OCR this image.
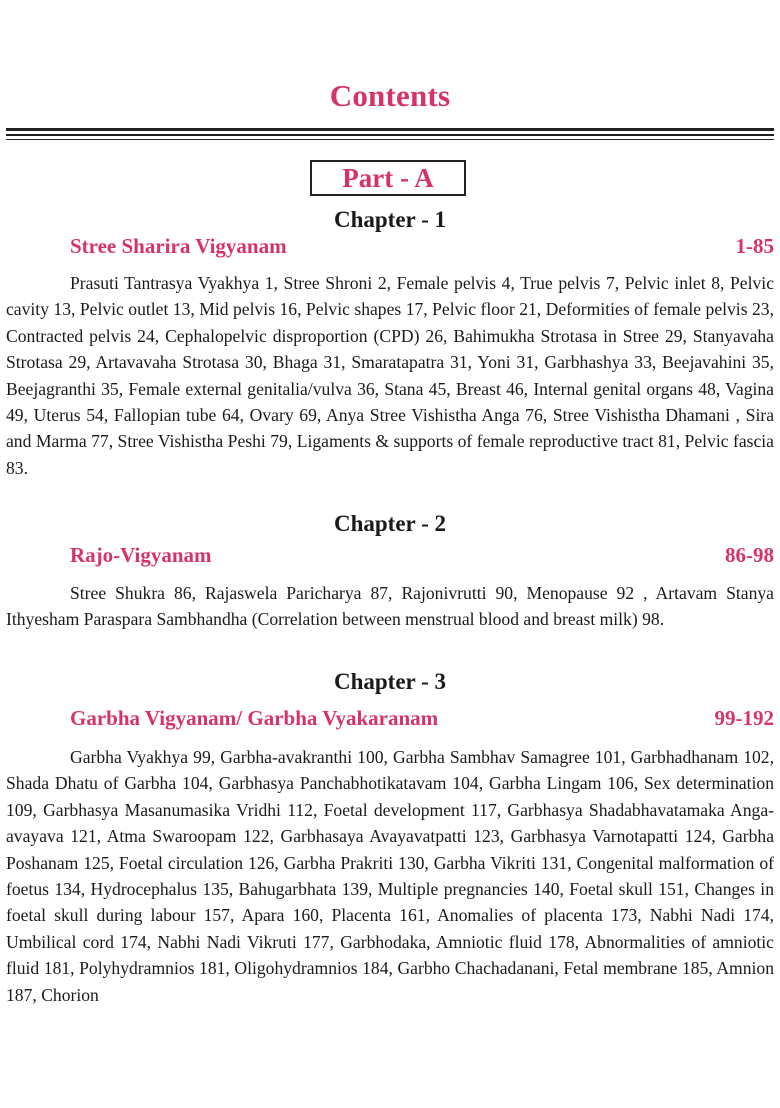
Contents
Part - A
Chapter - 1
Stree Sharira Vigyanam	1-85

Prasuti Tantrasya Vyakhya 1, Stree Shroni 2, Female pelvis 4, True pelvis 7, Pelvic inlet 8, Pelvic cavity 13, Pelvic outlet 13, Mid pelvis 16, Pelvic shapes 17, Pelvic floor 21, Deformities of female pelvis 23, Contracted pelvis 24, Cephalopelvic disproportion (CPD) 26, Bahimukha Strotasa in Stree 29, Stanyavaha Strotasa 29, Artavavaha Strotasa 30, Bhaga 31, Smaratapatra 31, Yoni 31, Garbhashya 33, Beejavahini 35, Beejagranthi 35, Female external genitalia/vulva 36, Stana 45, Breast 46, Internal genital organs 48, Vagina 49, Uterus 54, Fallopian tube 64, Ovary 69, Anya Stree Vishistha Anga 76, Stree Vishistha Dhamani , Sira and Marma 77, Stree Vishistha Peshi 79, Ligaments & supports of female reproductive tract 81, Pelvic fascia 83.

Chapter - 2
Rajo-Vigyanam	86-98

Stree Shukra 86, Rajaswela Paricharya 87, Rajonivrutti 90, Menopause 92 , Artavam Stanya Ithyesham Paraspara Sambhandha (Correlation between menstrual blood and breast milk) 98.

Chapter - 3
Garbha Vigyanam/ Garbha Vyakaranam	99-192

Garbha Vyakhya 99, Garbha-avakranthi 100, Garbha Sambhav Samagree 101, Garbhadhanam 102, Shada Dhatu of Garbha 104, Garbhasya Panchabhotikatavam 104, Garbha Lingam 106, Sex determination 109, Garbhasya Masanumasika Vridhi 112, Foetal development 117, Garbhasya Shadabhavatamaka Anga- avayava 121, Atma Swaroopam 122, Garbhasaya Avayavatpatti 123, Garbhasya Varnotapatti 124, Garbha Poshanam 125, Foetal circulation 126, Garbha Prakriti 130, Garbha Vikriti 131, Congenital malformation of foetus 134, Hydrocephalus 135, Bahugarbhata 139, Multiple pregnancies 140, Foetal skull 151, Changes in foetal skull during labour 157, Apara 160, Placenta 161, Anomalies of placenta 173, Nabhi Nadi 174, Umbilical cord 174, Nabhi Nadi Vikruti 177, Garbhodaka, Amniotic fluid 178, Abnormalities of amniotic fluid 181, Polyhydramnios 181, Oligohydramnios 184, Garbho Chachadanani, Fetal membrane 185, Amnion 187, Chorion
